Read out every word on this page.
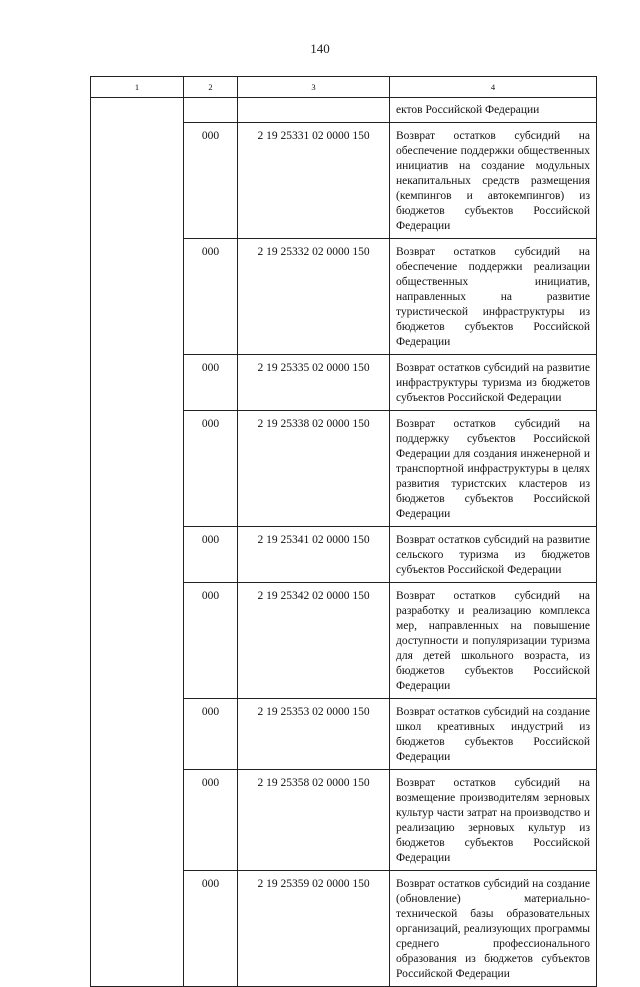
140
1	2	3	4
			ектов Российской Федерации
	000	2 19 25331 02 0000 150	Возврат остатков субсидий на обеспечение поддержки общественных инициатив на создание модульных некапитальных средств размещения (кемпингов и автокемпингов) из бюджетов субъектов Российской Федерации
	000	2 19 25332 02 0000 150	Возврат остатков субсидий на обеспечение поддержки реализации общественных инициатив, направленных на развитие туристической инфраструктуры из бюджетов субъектов Российской Федерации
	000	2 19 25335 02 0000 150	Возврат остатков субсидий на развитие инфраструктуры туризма из бюджетов субъектов Российской Федерации
	000	2 19 25338 02 0000 150	Возврат остатков субсидий на поддержку субъектов Российской Федерации для создания инженерной и транспортной инфраструктуры в целях развития туристских кластеров из бюджетов субъектов Российской Федерации
	000	2 19 25341 02 0000 150	Возврат остатков субсидий на развитие сельского туризма из бюджетов субъектов Российской Федерации
	000	2 19 25342 02 0000 150	Возврат остатков субсидий на разработку и реализацию комплекса мер, направленных на повышение доступности и популяризации туризма для детей школьного возраста, из бюджетов субъектов Российской Федерации
	000	2 19 25353 02 0000 150	Возврат остатков субсидий на создание школ креативных индустрий из бюджетов субъектов Российской Федерации
	000	2 19 25358 02 0000 150	Возврат остатков субсидий на возмещение производителям зерновых культур части затрат на производство и реализацию зерновых культур из бюджетов субъектов Российской Федерации
	000	2 19 25359 02 0000 150	Возврат остатков субсидий на создание (обновление) материально-технической базы образовательных организаций, реализующих программы среднего профессионального образования из бюджетов субъектов Российской Федерации
